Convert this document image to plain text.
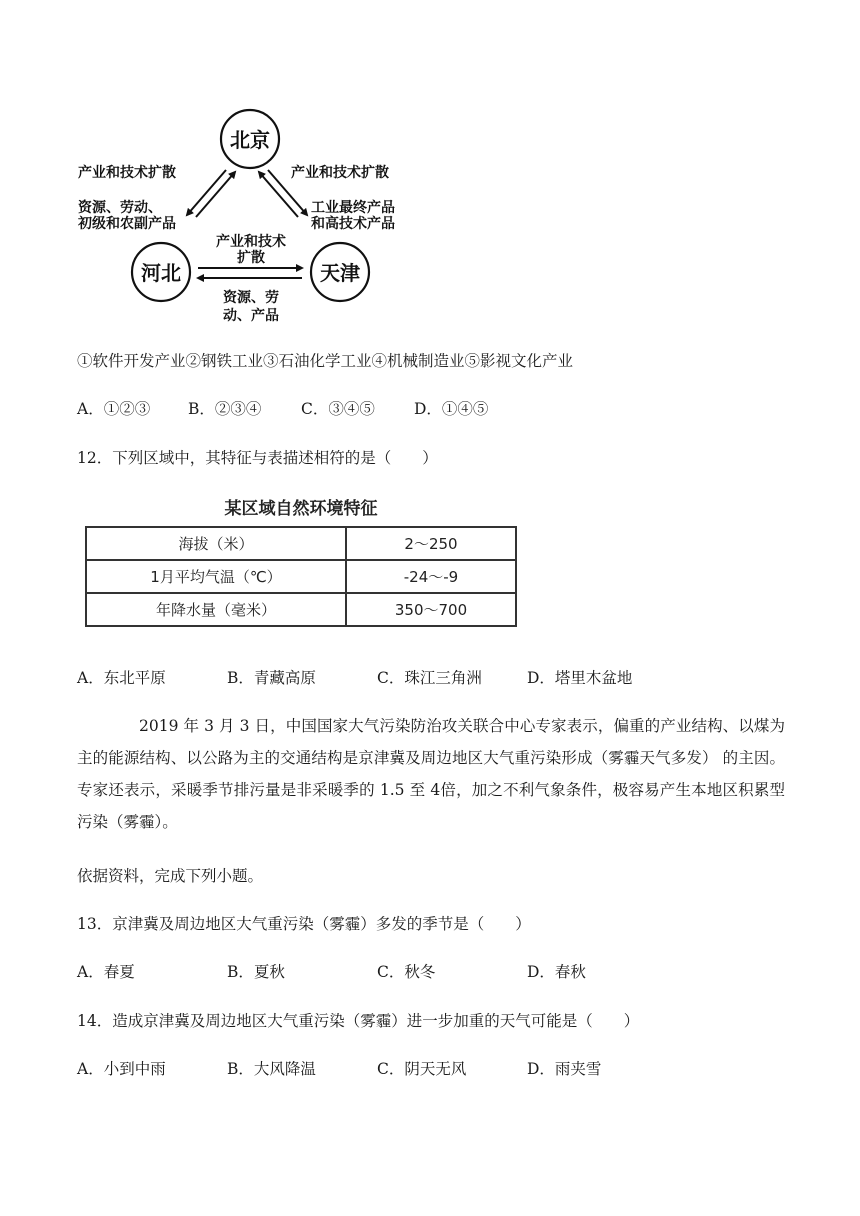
北京
河北	天津
产业和技术扩散
资源、劳动、
初级和农副产品
产业和技术扩散
工业最终产品
和高技术产品
产业和技术
扩散
资源、劳
动、产品
①软件开发产业②钢铁工业③石油化学工业④机械制造业⑤影视文化产业
A．①②③ B．②③④	C．③④⑤	D．①④⑤
12．下列区域中，其特征与表描述相符的是（　　）
某区域自然环境特征
海拔（米）	2～250
1月平均气温（℃）	-24～-9
年降水量（毫米）	350～700
A．东北平原	B．青藏高原	C．珠江三角洲	D．塔里木盆地
2019 年 3 月 3 日，中国国家大气污染防治攻关联合中心专家表示，偏重的产业结构、以煤为主的能源结构、以公路为主的交通结构是京津冀及周边地区大气重污染形成（雾霾天气多发） 的主因。专家还表示，采暖季节排污量是非采暖季的 1.5 至 4倍，加之不利气象条件，极容易产生本地区积累型污染（雾霾）。
依据资料，完成下列小题。
13．京津冀及周边地区大气重污染（雾霾）多发的季节是（　　）
A．春夏	B．夏秋	C．秋冬	D．春秋
14．造成京津冀及周边地区大气重污染（雾霾）进一步加重的天气可能是（　　）
A．小到中雨	B．大风降温	C．阴天无风	D．雨夹雪
